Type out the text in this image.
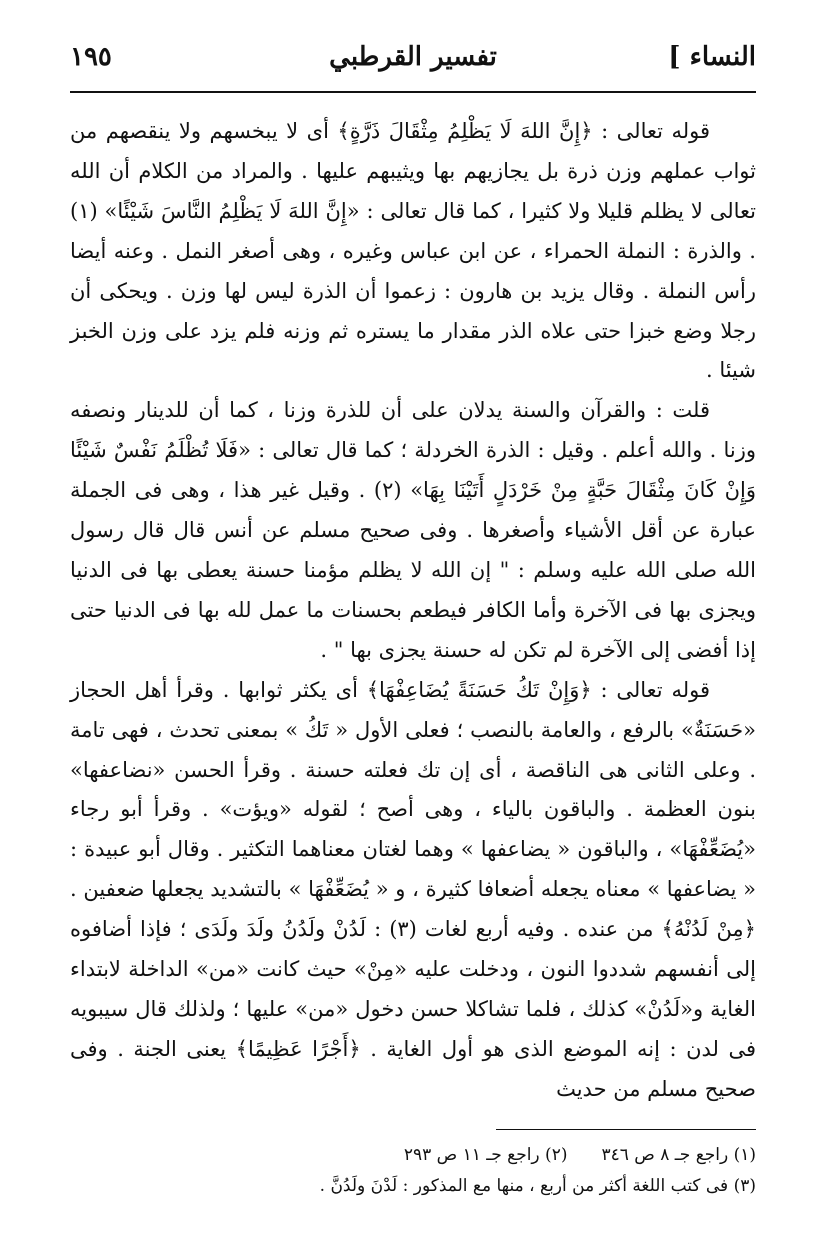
النساء ]
تفسير القرطبي
١٩٥

قوله تعالى : ﴿إِنَّ اللهَ لَا يَظْلِمُ مِثْقَالَ ذَرَّةٍ﴾ أى لا يبخسهم ولا ينقصهم من ثواب عملهم وزن ذرة بل يجازيهم بها ويثيبهم عليها . والمراد من الكلام أن الله تعالى لا يظلم قليلا ولا كثيرا ، كما قال تعالى : «إِنَّ اللهَ لَا يَظْلِمُ النَّاسَ شَيْئًا» (١) . والذرة : النملة الحمراء ، عن ابن عباس وغيره ، وهى أصغر النمل . وعنه أيضا رأس النملة . وقال يزيد بن هارون : زعموا أن الذرة ليس لها وزن . ويحكى أن رجلا وضع خبزا حتى علاه الذر مقدار ما يستره ثم وزنه فلم يزد على وزن الخبز شيئا .

قلت : والقرآن والسنة يدلان على أن للذرة وزنا ، كما أن للدينار ونصفه وزنا . والله أعلم . وقيل : الذرة الخردلة ؛ كما قال تعالى : «فَلَا تُظْلَمُ نَفْسٌ شَيْئًا وَإِنْ كَانَ مِثْقَالَ حَبَّةٍ مِنْ خَرْدَلٍ أَتَيْنَا بِهَا» (٢) . وقيل غير هذا ، وهى فى الجملة عبارة عن أقل الأشياء وأصغرها . وفى صحيح مسلم عن أنس قال قال رسول الله صلى الله عليه وسلم : " إن الله لا يظلم مؤمنا حسنة يعطى بها فى الدنيا ويجزى بها فى الآخرة وأما الكافر فيطعم بحسنات ما عمل لله بها فى الدنيا حتى إذا أفضى إلى الآخرة لم تكن له حسنة يجزى بها " .

قوله تعالى : ﴿وَإِنْ تَكُ حَسَنَةً يُضَاعِفْهَا﴾ أى يكثر ثوابها . وقرأ أهل الحجاز «حَسَنَةٌ» بالرفع ، والعامة بالنصب ؛ فعلى الأول « تَكُ » بمعنى تحدث ، فهى تامة . وعلى الثانى هى الناقصة ، أى إن تك فعلته حسنة . وقرأ الحسن «نضاعفها» بنون العظمة . والباقون بالياء ، وهى أصح ؛ لقوله «ويؤت» . وقرأ أبو رجاء «يُضَعِّفْهَا» ، والباقون « يضاعفها » وهما لغتان معناهما التكثير . وقال أبو عبيدة : « يضاعفها » معناه يجعله أضعافا كثيرة ، و « يُضَعِّفْهَا » بالتشديد يجعلها ضعفين . ﴿مِنْ لَدُنْهُ﴾ من عنده . وفيه أربع لغات (٣) : لَدُنْ ولَدُنُ ولَدَ ولَدَى ؛ فإذا أضافوه إلى أنفسهم شددوا النون ، ودخلت عليه «مِنْ» حيث كانت «من» الداخلة لابتداء الغاية و«لَدُنْ» كذلك ، فلما تشاكلا حسن دخول «من» عليها ؛ ولذلك قال سيبويه فى لدن : إنه الموضع الذى هو أول الغاية . ﴿أَجْرًا عَظِيمًا﴾ يعنى الجنة . وفى صحيح مسلم من حديث

(١) راجع جـ ٨ ص ٣٤٦
(٢) راجع جـ ١١ ص ٢٩٣
(٣) فى كتب اللغة أكثر من أربع ، منها مع المذكور : لَدْنَ ولَدُنَّ .
